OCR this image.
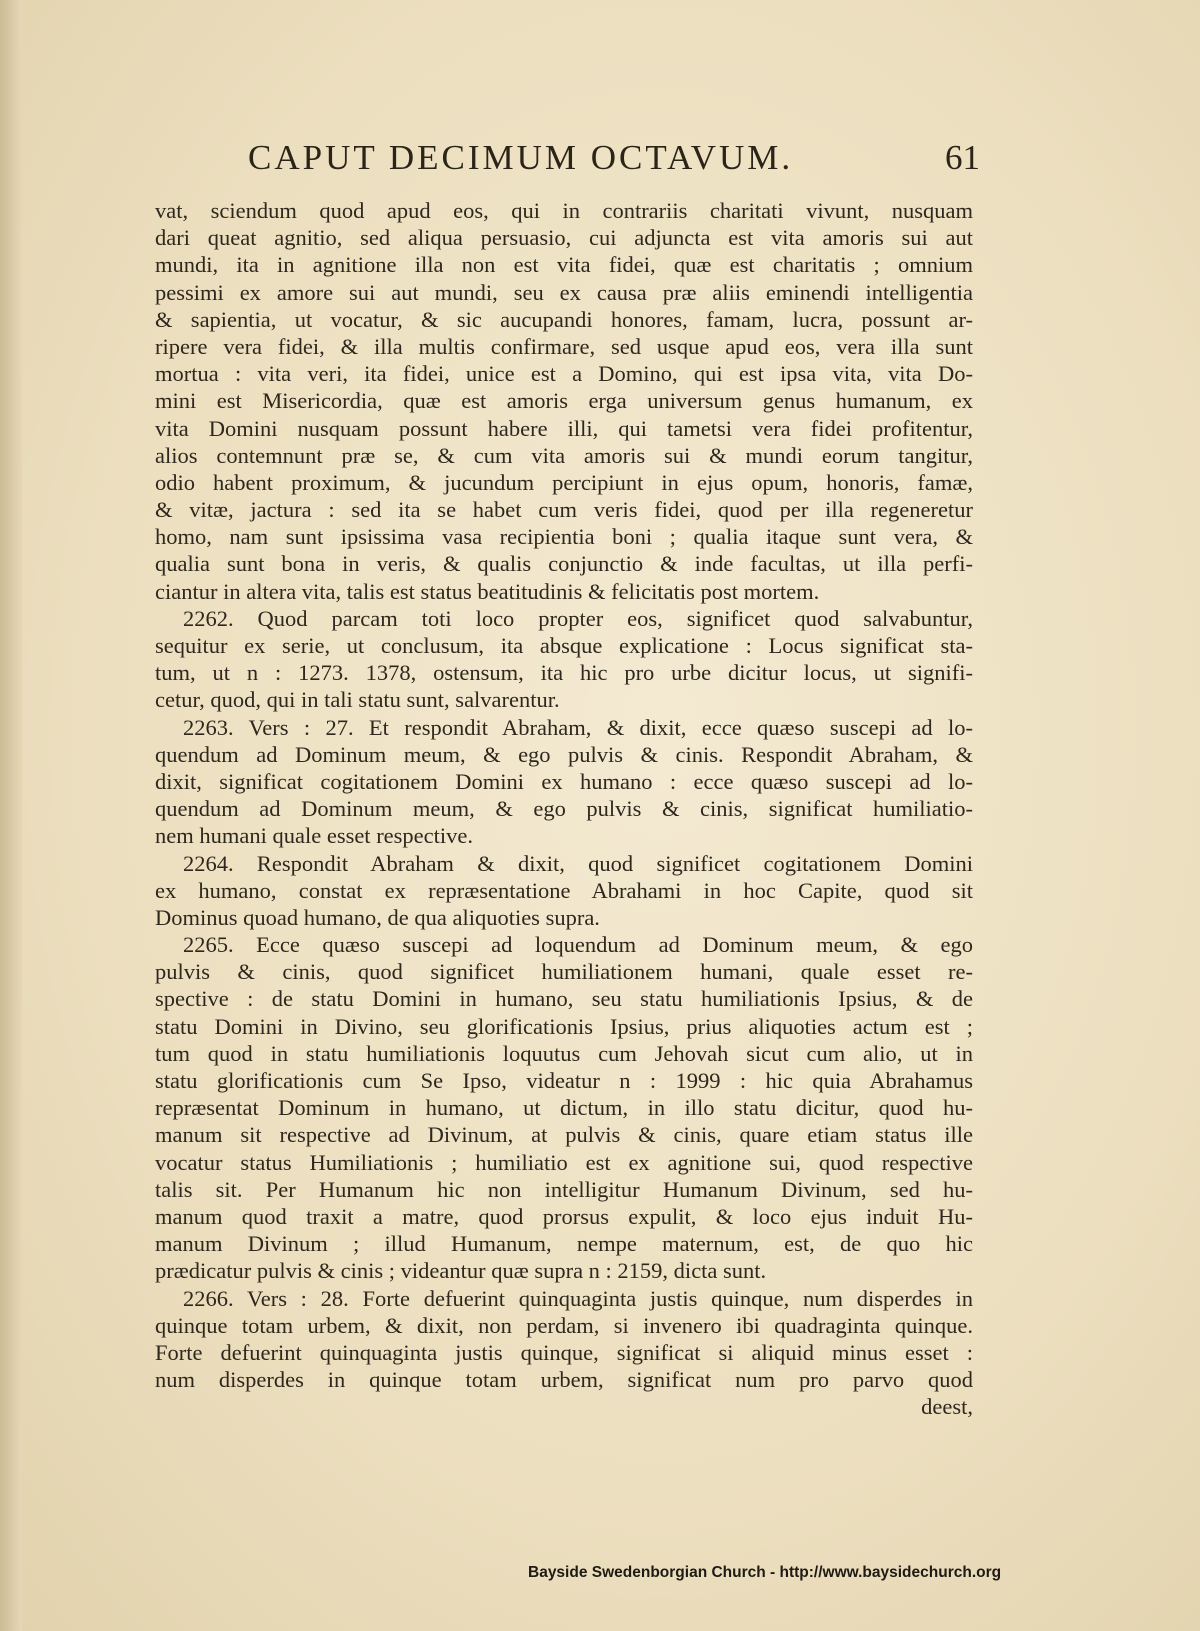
CAPUT DECIMUM OCTAVUM.	61
vat, sciendum quod apud eos, qui in contrariis charitati vivunt, nusquam
dari queat agnitio, sed aliqua persuasio, cui adjuncta est vita amoris sui aut
mundi, ita in agnitione illa non est vita fidei, quæ est charitatis ; omnium
pessimi ex amore sui aut mundi, seu ex causa præ aliis eminendi intelligentia
& sapientia, ut vocatur, & sic aucupandi honores, famam, lucra, possunt ar-
ripere vera fidei, & illa multis confirmare, sed usque apud eos, vera illa sunt
mortua : vita veri, ita fidei, unice est a Domino, qui est ipsa vita, vita Do-
mini est Misericordia, quæ est amoris erga universum genus humanum, ex
vita Domini nusquam possunt habere illi, qui tametsi vera fidei profitentur,
alios contemnunt præ se, & cum vita amoris sui & mundi eorum tangitur,
odio habent proximum, & jucundum percipiunt in ejus opum, honoris, famæ,
& vitæ, jactura : sed ita se habet cum veris fidei, quod per illa regeneretur
homo, nam sunt ipsissima vasa recipientia boni ; qualia itaque sunt vera, &
qualia sunt bona in veris, & qualis conjunctio & inde facultas, ut illa perfi-
ciantur in altera vita, talis est status beatitudinis & felicitatis post mortem.
2262. Quod parcam toti loco propter eos, significet quod salvabuntur,
sequitur ex serie, ut conclusum, ita absque explicatione : Locus significat sta-
tum, ut n : 1273. 1378, ostensum, ita hic pro urbe dicitur locus, ut signifi-
cetur, quod, qui in tali statu sunt, salvarentur.
2263. Vers : 27. Et respondit Abraham, & dixit, ecce quæso suscepi ad lo-
quendum ad Dominum meum, & ego pulvis & cinis. Respondit Abraham, &
dixit, significat cogitationem Domini ex humano : ecce quæso suscepi ad lo-
quendum ad Dominum meum, & ego pulvis & cinis, significat humiliatio-
nem humani quale esset respective.
2264. Respondit Abraham & dixit, quod significet cogitationem Domini
ex humano, constat ex repræsentatione Abrahami in hoc Capite, quod sit
Dominus quoad humano, de qua aliquoties supra.
2265. Ecce quæso suscepi ad loquendum ad Dominum meum, & ego
pulvis & cinis, quod significet humiliationem humani, quale esset re-
spective : de statu Domini in humano, seu statu humiliationis Ipsius, & de
statu Domini in Divino, seu glorificationis Ipsius, prius aliquoties actum est ;
tum quod in statu humiliationis loquutus cum Jehovah sicut cum alio, ut in
statu glorificationis cum Se Ipso, videatur n : 1999 : hic quia Abrahamus
repræsentat Dominum in humano, ut dictum, in illo statu dicitur, quod hu-
manum sit respective ad Divinum, at pulvis & cinis, quare etiam status ille
vocatur status Humiliationis ; humiliatio est ex agnitione sui, quod respective
talis sit. Per Humanum hic non intelligitur Humanum Divinum, sed hu-
manum quod traxit a matre, quod prorsus expulit, & loco ejus induit Hu-
manum Divinum ; illud Humanum, nempe maternum, est, de quo hic
prædicatur pulvis & cinis ; videantur quæ supra n : 2159, dicta sunt.
2266. Vers : 28. Forte defuerint quinquaginta justis quinque, num disperdes in
quinque totam urbem, & dixit, non perdam, si invenero ibi quadraginta quinque.
Forte defuerint quinquaginta justis quinque, significat si aliquid minus esset :
num disperdes in quinque totam urbem, significat num pro parvo quod
deest,
Bayside Swedenborgian Church - http://www.baysidechurch.org
